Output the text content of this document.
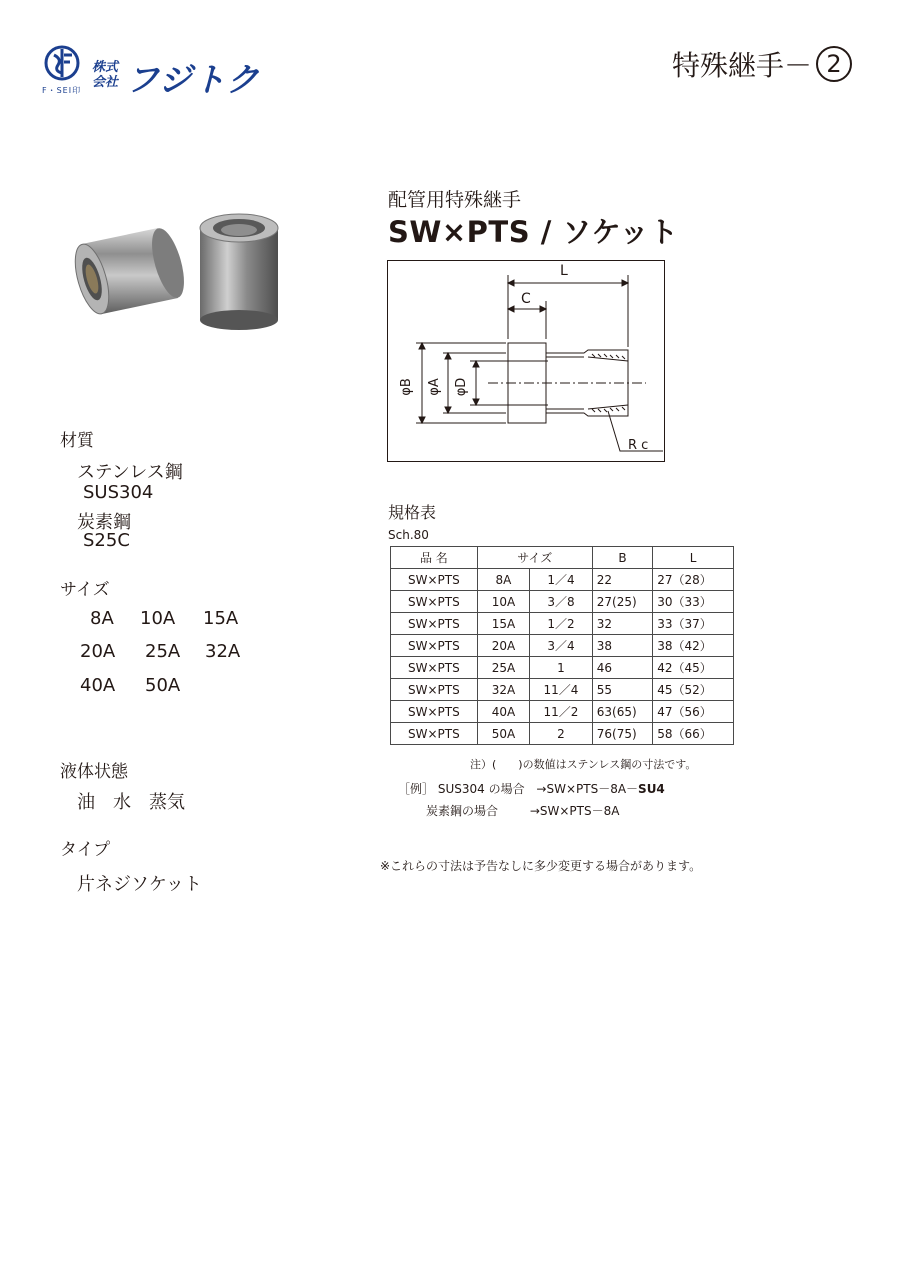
F・SEI印
株式
会社 フジトク	特殊継手－ 2
材質
ステンレス鋼
SUS304
炭素鋼
S25C
サイズ
8A 10A 15A
20A 25A 32A
40A 50A
液体状態
油　水　蒸気
タイプ
片ネジソケット
配管用特殊継手
SW×PTS / ソケット
L
C
φB φA φD
R c
規格表
Sch.80
品 名	サイズ		B	L
SW×PTS	8A	1／4	22	27（28）
SW×PTS	10A	3／8	27(25)	30（33）
SW×PTS	15A	1／2	32	33（37）
SW×PTS	20A	3／4	38	38（42）
SW×PTS	25A	1	46	42（45）
SW×PTS	32A	11／4	55	45（52）
SW×PTS	40A	11／2	63(65)	47（56）
SW×PTS	50A	2	76(75)	58（66）
注）(　　)の数値はステンレス鋼の寸法です。
［例］ SUS304 の場合 →SW×PTS－8A－SU4
炭素鋼の場合	→SW×PTS－8A
※これらの寸法は予告なしに多少変更する場合があります。
